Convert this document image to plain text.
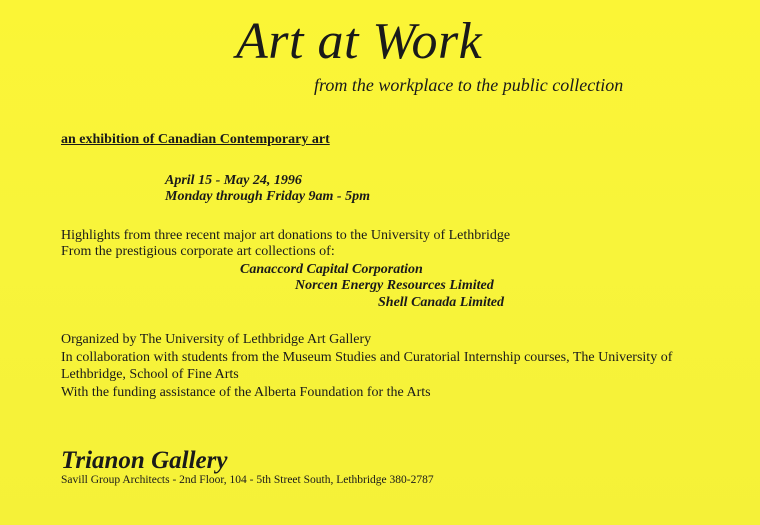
Art at Work
from the workplace to the public collection
an exhibition of Canadian Contemporary art
April 15 - May 24, 1996
Monday through Friday 9am - 5pm
Highlights from three recent major art donations to the University of Lethbridge
From the prestigious corporate art collections of:
Canaccord Capital Corporation
Norcen Energy Resources Limited
Shell Canada Limited
Organized by The University of Lethbridge Art Gallery
In collaboration with students from the Museum Studies and Curatorial Internship courses, The University of
Lethbridge, School of Fine Arts
With the funding assistance of the Alberta Foundation for the Arts
Trianon Gallery
Savill Group Architects - 2nd Floor, 104 - 5th Street South, Lethbridge 380-2787
